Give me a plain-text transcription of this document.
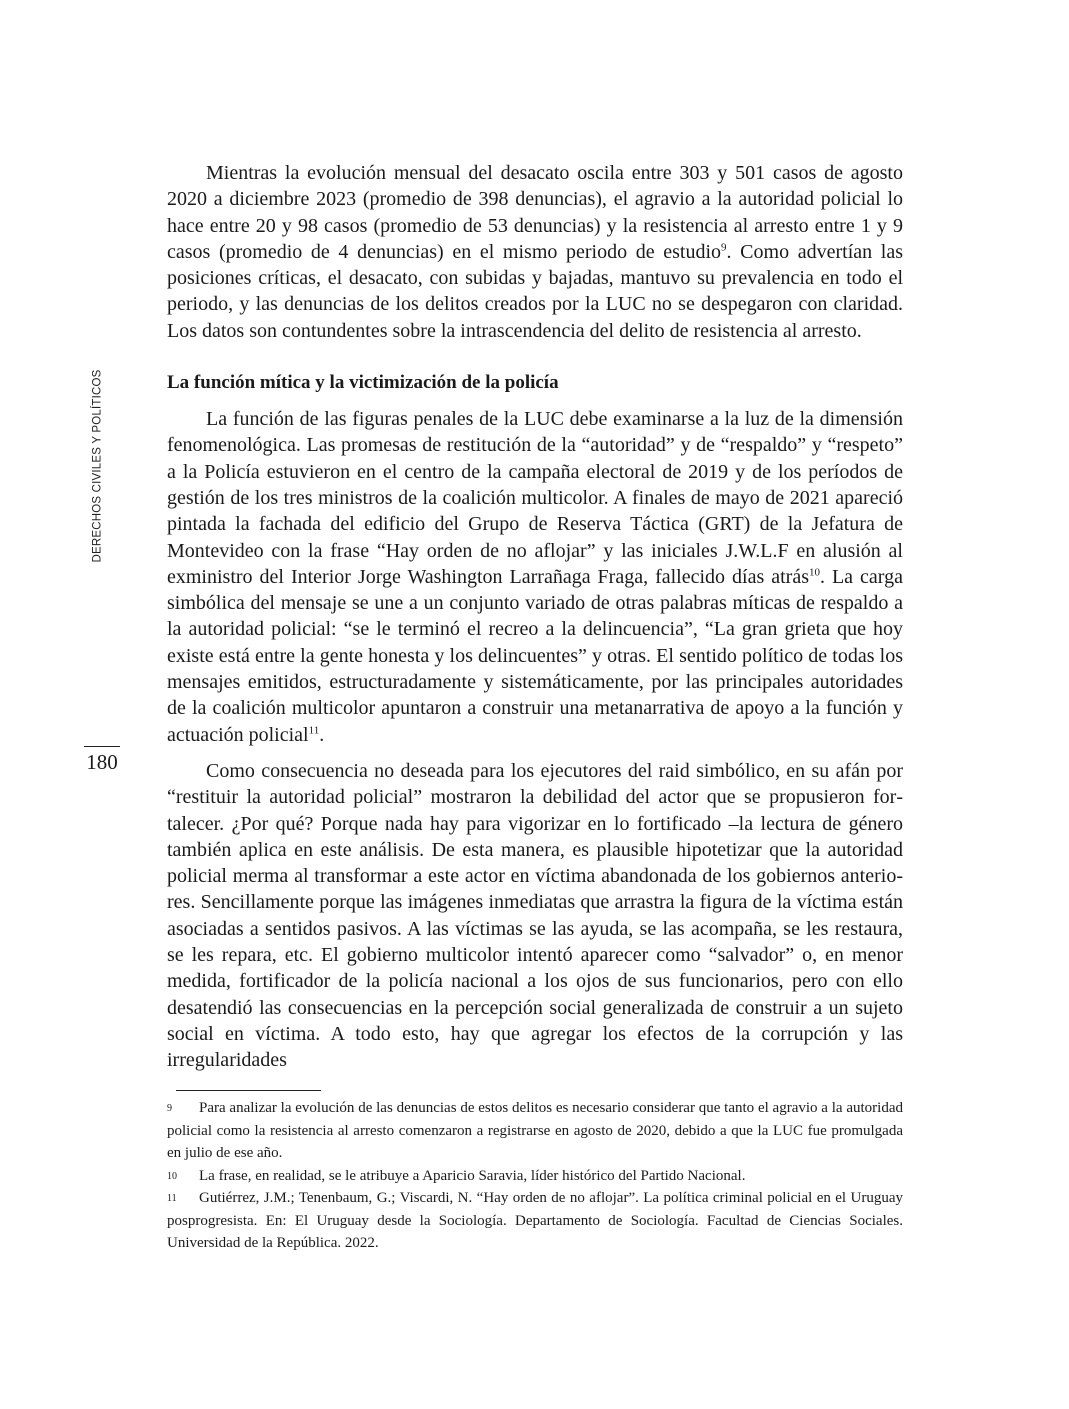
DERECHOS CIVILES Y POLÍTICOS
180

Mientras la evolución mensual del desacato oscila entre 303 y 501 casos de agosto 2020 a diciembre 2023 (promedio de 398 denuncias), el agravio a la autoridad policial lo hace entre 20 y 98 casos (promedio de 53 denuncias) y la resistencia al arresto entre 1 y 9 casos (promedio de 4 denuncias) en el mismo periodo de estudio$^9$. Como advertían las posiciones críticas, el desacato, con subidas y bajadas, mantuvo su prevalencia en todo el periodo, y las denuncias de los delitos creados por la LUC no se despegaron con claridad. Los datos son contundentes sobre la intrascendencia del delito de resistencia al arresto.

La función mítica y la victimización de la policía

La función de las figuras penales de la LUC debe examinarse a la luz de la dimensión fenomenológica. Las promesas de restitución de la “autoridad” y de “respaldo” y “respeto” a la Policía estuvieron en el centro de la campaña electoral de 2019 y de los períodos de gestión de los tres ministros de la coalición multicolor. A finales de mayo de 2021 apareció pintada la fachada del edificio del Grupo de Reserva Táctica (GRT) de la Jefatura de Montevideo con la frase “Hay orden de no aflojar” y las iniciales J.W.L.F en alusión al exministro del Interior Jorge Washington Larrañaga Fraga, fallecido días atrás$^{10}$. La carga simbólica del mensaje se une a un conjunto variado de otras palabras míticas de respaldo a la autoridad policial: “se le terminó el recreo a la delincuencia”, “La gran grieta que hoy existe está entre la gente honesta y los delincuentes” y otras. El sentido político de todas los mensajes emitidos, estructuradamente y sistemáticamente, por las principales autoridades de la coalición multicolor apuntaron a construir una metanarrativa de apoyo a la función y actuación policial$^{11}$.

Como consecuencia no deseada para los ejecutores del raid simbólico, en su afán por “restituir la autoridad policial” mostraron la debilidad del actor que se propusieron fortalecer. ¿Por qué? Porque nada hay para vigorizar en lo fortificado –la lectura de género también aplica en este análisis. De esta manera, es plausible hipotetizar que la autoridad policial merma al transformar a este actor en víctima abandonada de los gobiernos anteriores. Sencillamente porque las imágenes inmediatas que arrastra la figura de la víctima están asociadas a sentidos pasivos. A las víctimas se las ayuda, se las acompaña, se les restaura, se les repara, etc. El gobierno multicolor intentó aparecer como “salvador” o, en menor medida, fortificador de la policía nacional a los ojos de sus funcionarios, pero con ello desatendió las consecuencias en la percepción social generalizada de construir a un sujeto social en víctima. A todo esto, hay que agregar los efectos de la corrupción y las irregularidades

9 Para analizar la evolución de las denuncias de estos delitos es necesario considerar que tanto el agravio a la autoridad policial como la resistencia al arresto comenzaron a registrarse en agosto de 2020, debido a que la LUC fue promulgada en julio de ese año.

10 La frase, en realidad, se le atribuye a Aparicio Saravia, líder histórico del Partido Nacional.

11 Gutiérrez, J.M.; Tenenbaum, G.; Viscardi, N. “Hay orden de no aflojar”. La política criminal policial en el Uruguay posprogresista. En: El Uruguay desde la Sociología. Departamento de Sociología. Facultad de Ciencias Sociales. Universidad de la República. 2022.
